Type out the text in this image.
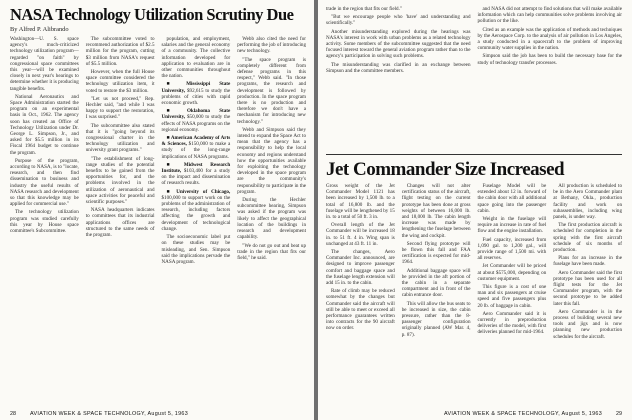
NASA Technology Utilization Scrutiny Due
By Alfred P. Alibrando

Washington—U. S. space agency's much-criticized technology utilization program—regarded "on faith" by congressional space committees this year—will be examined closely in next year's hearings to determine whether it is producing tangible benefits.

National Aeronautics and Space Administration started the program on an experimental basis in Oct., 1962. The agency soon has created an Office of Technology Utilization under Dr. George L. Simpson, Jr., and asked for $5.5 million in its Fiscal 1964 budget to continue the program.

Purpose of the program, according to NASA, is to "locate, research, and then find dissemination to business and industry the useful results of NASA research and development so that this knowledge may be applied for commercial use."

The technology utilization program was studied carefully this year by House space committee's Subcommittee.

The subcommittee voted to recommend authorization of $2.5 million for the program, cutting $3 million from NASA's request of $5.5 million.

However, when the full House space committee considered the technology utilization item, it voted to restore the $3 million.

"Let us not proceed," Rep. Hechler said, "and while I was happy to support the restoration, I was surprised."

The subcommittee also stated that it is "going beyond its congressional charter in the technology utilization and university grant programs."

"The establishment of long-range studies of the potential benefits to be gained from the opportunities for, and the problems involved in the utilization of aeronautical and space activities for peaceful and scientific purposes."

NASA headquarters indicates to committees that its industrial applications offices are structured to the same needs of the program.

population, and employment, salaries and the general economy of a community. The collective information developed for application to evaluation are in other communities throughout the nation.

■ Mississippi State University, $92,615 to study the problems of cities with rapid economic growth.

■ Oklahoma State University, $50,000 to study the effects of NASA programs on the regional economy.

■ American Academy of Arts & Sciences, $150,000 to make a study of the long-range implications of NASA programs.

■ Midwest Research Institute, $103,400 for a study on the impact and dissemination of research results.

■ University of Chicago, $100,000 to support work on the problems of the administration of research, including factors affecting the growth and development of technological change.

The socioeconomic label put on these studies may be misleading, and Sen. Simpson said the implications pervade the NASA program.

Webb also cited the need for performing the job of introducing new technology.

"The space program is completely different from defense programs in this respect," Webb said. "In those programs, the research and development is followed by production. In the space program there is no production and therefore we don't have a mechanism for introducing new technology."

Webb and Simpson said they intend to expand the Space Act to mean that the agency has a responsibility to help the local economy and regions understand how the opportunities available for exploiting the technology developed in the space program are the community's responsibility to participate in the program.

During the Hechler subcommittee hearing, Simpson was asked if the program was likely to affect the geographical location of the buildings in research and development capability.

"We do not go out and beat up trade in the region that fits our field," he said.

28	AVIATION WEEK & SPACE TECHNOLOGY, August 5, 1963

trade in the region that fits our field."

"But we encourage people who 'have' and understanding and scientifically."

Another misunderstanding explored during the hearings was NASA's interest in work with urban problems as a related technology activity. Some members of the subcommittee suggested that the need focused interest toward the general aviation program rather than to the agency's participation in solving such problems.

The misunderstanding was clarified in an exchange between Simpson and the committee members.

and NASA did not attempt to find solutions that will make available information which can help communities solve problems involving air pollution or the like.

Cited as an example was the application of methods and techniques by the Aerospace Corp. to the analysis of air pollution in Los Angeles, a study conducted in a spacecraft to the problem of improving community water supplies in the nation.

Simpson said the job has been to build the necessary base for the study of technology transfer processes.

Jet Commander Size Increased

Gross weight of the Jet Commander Model 1121 has been increased by 1,500 lb. to a total of 16,800 lb. and the fuselage will be lengthened by 15 in. to a total of 50 ft. 3 in.

Overall length of the Jet Commander will be increased 18 in. to 51 ft. 4 in. Wing span is unchanged at 43 ft. 11 in.

The changes, Aero Commander Inc. announced, are designed to improve passenger comfort and baggage space and the fuselage length extension will add 15 in. to the cabin.

Rate of climb may be reduced somewhat by the changes but Commander said the aircraft will still be able to meet or exceed all performance guarantees written into contracts for the 90 aircraft now on order.

Changes will not alter certification status of the aircraft, flight testing on the current prototype has been done at gross weights of between 16,000 lb. and 18,000 lb. The cabin length increase was made by lengthening the fuselage between the wing and cockpit.

Second flying prototype will be flown this fall and FAA certification is expected for mid-1964.

Additional baggage space will be provided in the aft portion of the cabin in a separate compartment and in front of the cabin entrance door.

This will allow the bus seats to be increased in size, the cabin pressure, rather than the 8-passenger configuration originally planned (AW Mar. 4, p. 87).

Fuselage Model will be extended about 12 in. forward of the cabin door with all additional space going into the passenger cabin.

Weight in the fuselage will require an increase in rate of fuel flow and the engine installation.

Fuel capacity, increased from 1,090 gal. to 1,200 gal., will provide range of 1,500 mi. with all reserves.

Jet Commander will be priced at about $575,000, depending on customer equipment.

This figure is a cost of one man and six passengers at cruise speed and five passengers plus 20 lb. of baggage in cabin.

Aero Commander said it is currently in preproduction deliveries of the model, with first deliveries planned for mid-1964.

All production is scheduled to be in the Aero Commander plant at Bethany, Okla., production facility and work on subassemblies, including wing panels, is under way.

The first production aircraft is scheduled for completion in the spring with the first aircraft schedule of six months of production.

Plans for an increase in the fuselage have been made.

Aero Commander said the first prototype has been used for all flight tests for the Jet Commander program, with the second prototype to be added later this fall.

Aero Commander is in the process of building several new tools and jigs and is now planning new production schedules for the aircraft.

AVIATION WEEK & SPACE TECHNOLOGY, August 5, 1963	29
